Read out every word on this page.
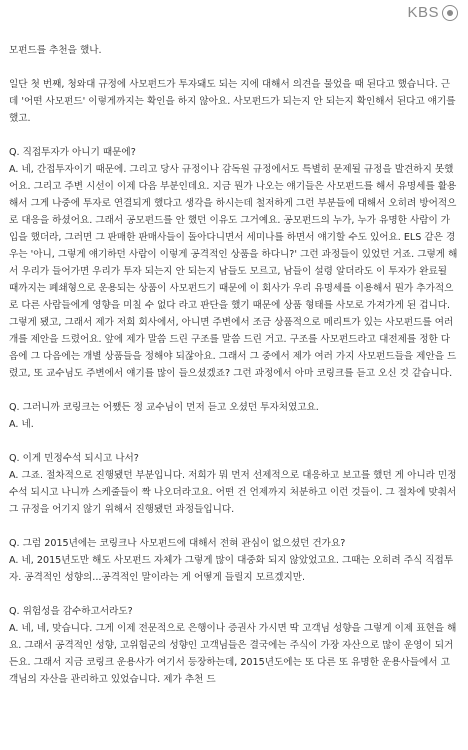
KBS

모펀드를 추천을 했나.

일단 첫 번째, 청와대 규정에 사모펀드가 투자돼도 되는 지에 대해서 의견을 물었을 때 된다고 했습니다. 근데 '어떤 사모펀드' 이렇게까지는 확인을 하지 않아요. 사모펀드가 되는지 안 되는지 확인해서 된다고 얘기를 했고.

Q. 직접투자가 아니기 때문에?

A. 네, 간접투자이기 때문에. 그리고 당사 규정이나 감독원 규정에서도 특별히 문제될 규정을 발견하지 못했어요. 그리고 주변 시선이 이제 다음 부분인데요. 지금 뭔가 나오는 얘기들은 사모펀드를 해서 유명세를 활용해서 그게 나중에 투자로 연결되게 했다고 생각을 하시는데 철저하게 그런 부분들에 대해서 오히려 방어적으로 대응을 하셨어요. 그래서 공모펀드를 안 했던 이유도 그거예요. 공모펀드의 누가, 누가 유명한 사람이 가입을 했더라, 그러면 그 판매한 판매사들이 돌아다니면서 세미나를 하면서 얘기할 수도 있어요. ELS 같은 경우는 '아니, 그렇게 얘기하던 사람이 이렇게 공격적인 상품을 하다니?' 그런 과정들이 있었던 거죠. 그렇게 해서 우리가 들어가면 우리가 투자 되는지 안 되는지 남들도 모르고, 남들이 설령 알더라도 이 투자가 완료될 때까지는 폐쇄형으로 운용되는 상품이 사모펀드기 때문에 이 회사가 우리 유명세를 이용해서 뭔가 추가적으로 다른 사람들에게 영향을 미칠 수 없다 라고 판단을 했기 때문에 상품 형태를 사모로 가져가게 된 겁니다. 그렇게 됐고, 그래서 제가 저희 회사에서, 아니면 주변에서 조금 상품적으로 메리트가 있는 사모펀드를 여러 개를 제안을 드렸어요. 앞에 제가 말씀 드린 구조를 말씀 드린 거고. 구조를 사모펀드라고 대전제를 정한 다음에 그 다음에는 개별 상품들을 정해야 되잖아요. 그래서 그 중에서 제가 여러 가지 사모펀드들을 제안을 드렸고, 또 교수님도 주변에서 얘기를 많이 들으셨겠죠? 그런 과정에서 아마 코링크를 듣고 오신 것 같습니다.

Q. 그러니까 코링크는 어쨌든 정 교수님이 먼저 듣고 오셨던 투자처였고요.

A. 네.

Q. 이게 민정수석 되시고 나서?

A. 그죠. 절차적으로 진행됐던 부분입니다. 저희가 뭐 먼저 선제적으로 대응하고 보고를 했던 게 아니라 민정수석 되시고 나니까 스케줄들이 짝 나오더라고요. 어떤 건 언제까지 처분하고 이런 것들이. 그 절차에 맞춰서 그 규정을 어기지 않기 위해서 진행됐던 과정들입니다.

Q. 그럼 2015년에는 코링크나 사모펀드에 대해서 전혀 관심이 없으셨던 건가요?

A. 네, 2015년도만 해도 사모펀드 자체가 그렇게 많이 대중화 되지 않았었고요. 그때는 오히려 주식 직접투자. 공격적인 성향의...공격적인 말이라는 게 어떻게 들릴지 모르겠지만.

Q. 위험성을 감수하고서라도?

A. 네, 네, 맞습니다. 그게 이제 전문적으로 은행이나 증권사 가시면 딱 고객님 성향을 그렇게 이제 표현을 해요. 그래서 공격적인 성향, 고위험군의 성향인 고객님들은 결국에는 주식이 가장 자산으로 많이 운영이 되거든요. 그래서 지금 코링크 운용사가 여기서 등장하는데, 2015년도에는 또 다른 또 유명한 운용사들에서 고객님의 자산을 관리하고 있었습니다. 제가 추천 드
